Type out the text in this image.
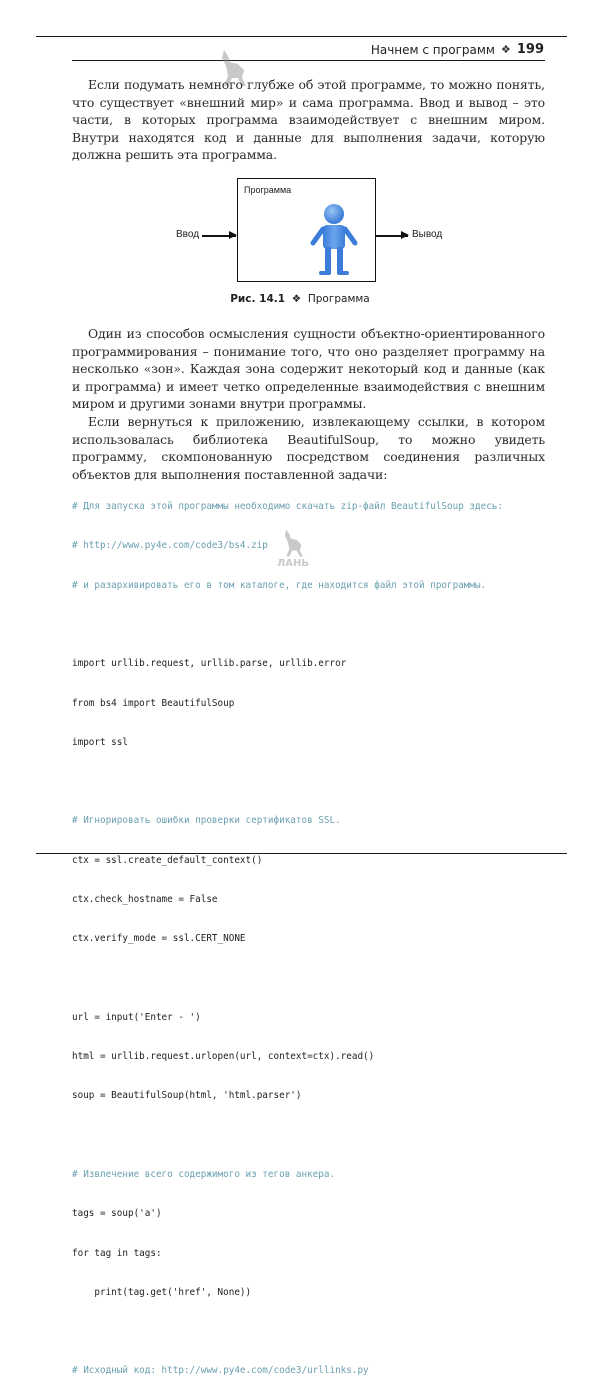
Начнем с программ ❖ 199

Если подумать немного глубже об этой программе, то можно понять, что существует «внешний мир» и сама программа. Ввод и вывод – это части, в которых программа взаимодействует с внешним миром. Внутри находятся код и данные для выполнения задачи, которую должна решить эта программа.

Ввод
Программа
Вывод
Рис. 14.1 ❖ Программа

Один из способов осмысления сущности объектно-ориентированного программирования – понимание того, что оно разделяет программу на несколько «зон». Каждая зона содержит некоторый код и данные (как и программа) и имеет четко определенные взаимодействия с внешним миром и другими зонами внутри программы.

Если вернуться к приложению, извлекающему ссылки, в котором использовалась библиотека BeautifulSoup, то можно увидеть программу, скомпонованную посредством соединения различных объектов для выполнения поставленной задачи:

# Для запуска этой программы необходимо скачать zip-файл BeautifulSoup здесь:

# http://www.py4e.com/code3/bs4.zip

# и разархивировать его в том каталоге, где находится файл этой программы.

import urllib.request, urllib.parse, urllib.error

from bs4 import BeautifulSoup

import ssl

# Игнорировать ошибки проверки сертификатов SSL.

ctx = ssl.create_default_context()

ctx.check_hostname = False

ctx.verify_mode = ssl.CERT_NONE

url = input('Enter - ')

html = urllib.request.urlopen(url, context=ctx).read()

soup = BeautifulSoup(html, 'html.parser')

# Извлечение всего содержимого из тегов анкера.

tags = soup('a')

for tag in tags:

print(tag.get('href', None))

# Исходный код: http://www.py4e.com/code3/urllinks.py

ЛАНЬ
